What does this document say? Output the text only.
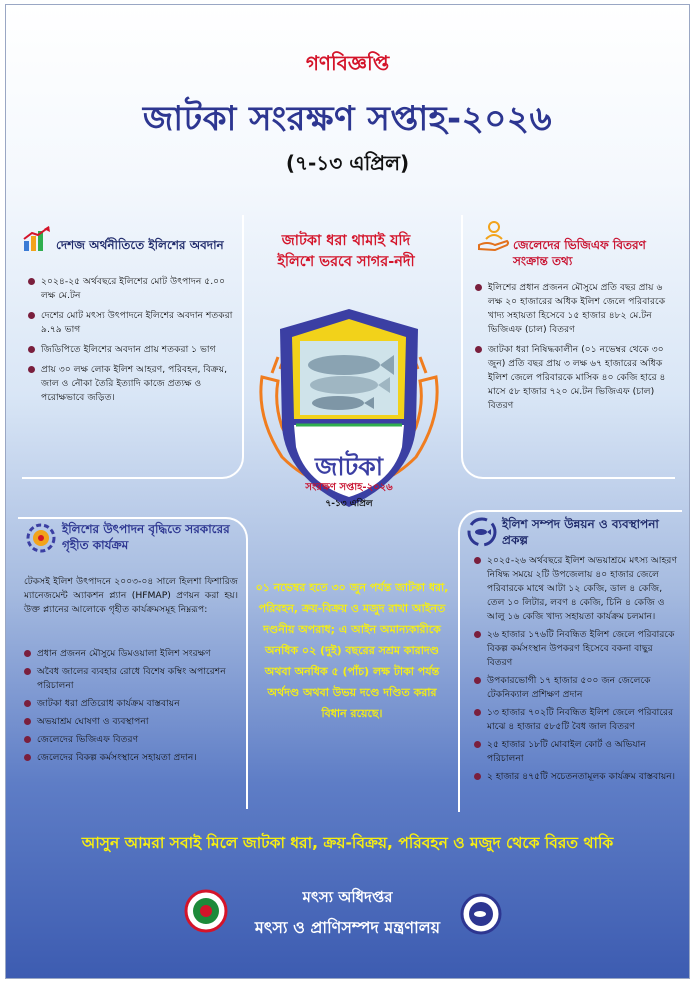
গণবিজ্ঞপ্তি
জাটকা সংরক্ষণ সপ্তাহ-২০২৬
(৭-১৩ এপ্রিল)
জাটকা ধরা থামাই যদি
ইলিশে ভরবে সাগর-নদী
দেশজ অর্থনীতিতে ইলিশের অবদান
২০২৪-২৫ অর্থবছরে ইলিশের মোট উৎপাদন ৫.০০ লক্ষ মে.টন
দেশের মোট মৎস্য উৎপাদনে ইলিশের অবদান শতকরা ৯.৭৯ ভাগ
জিডিপিতে ইলিশের অবদান প্রায় শতকরা ১ ভাগ
প্রায় ৩০ লক্ষ লোক ইলিশ আহরণ, পরিবহন, বিক্রয়, জাল ও নৌকা তৈরি ইত্যাদি কাজে প্রত্যক্ষ ও পরোক্ষভাবে জড়িত।
জেলেদের ভিজিএফ বিতরণ সংক্রান্ত তথ্য
ইলিশের প্রধান প্রজনন মৌসুমে প্রতি বছর প্রায় ৬ লক্ষ ২০ হাজারের অধিক ইলিশ জেলে পরিবারকে খাদ্য সহায়তা হিসেবে ১৫ হাজার ৪৮২ মে.টন ভিজিএফ (চাল) বিতরণ
জাটকা ধরা নিষিদ্ধকালীন (০১ নভেম্বর থেকে ৩০ জুন) প্রতি বছর প্রায় ৩ লক্ষ ৬৭ হাজারের অধিক ইলিশ জেলে পরিবারকে মাসিক ৪০ কেজি হারে ৪ মাসে ৫৮ হাজার ৭২০ মে.টন ভিজিএফ (চাল) বিতরণ
জাটকা
সংরক্ষণ সপ্তাহ-২০২৬
৭-১৩ এপ্রিল
ইলিশের উৎপাদন বৃদ্ধিতে সরকারের গৃহীত কার্যক্রম
টেকসই ইলিশ উৎপাদনে ২০০৩-০৪ সালে হিলশা ফিশারিজ ম্যানেজমেন্ট অ্যাকশন প্ল্যান (HFMAP) প্রণয়ন করা হয়। উক্ত প্ল্যানের আলোকে গৃহীত কার্যক্রমসমূহ নিম্নরূপ:
প্রধান প্রজনন মৌসুমে ডিমওয়ালা ইলিশ সংরক্ষণ
অবৈধ জালের ব্যবহার রোধে বিশেষ কম্বিং অপারেশন পরিচালনা
জাটকা ধরা প্রতিরোধ কার্যক্রম বাস্তবায়ন
অভয়াশ্রম ঘোষণা ও ব্যবস্থাপনা
জেলেদের ভিজিএফ বিতরণ
জেলেদের বিকল্প কর্মসংস্থানে সহায়তা প্রদান।
০১ নভেম্বর হতে ৩০ জুন পর্যন্ত জাটকা ধরা, পরিবহন, ক্রয়-বিক্রয় ও মজুদ রাখা আইনত দণ্ডনীয় অপরাধ; এ আইন অমান্যকারীকে অনধিক ০২ (দুই) বছরের সশ্রম কারাদণ্ড অথবা অনধিক ৫ (পাঁচ) লক্ষ টাকা পর্যন্ত অর্থদণ্ড অথবা উভয় দণ্ডে দণ্ডিত করার বিধান রয়েছে।
ইলিশ সম্পদ উন্নয়ন ও ব্যবস্থাপনা প্রকল্প
২০২৫-২৬ অর্থবছরে ইলিশ অভয়াশ্রমে মৎস্য আহরণ নিষিদ্ধ সময়ে ২টি উপজেলায় ৪০ হাজার জেলে পরিবারকে মাথে আটা ১২ কেজি, ডাল ৪ কেজি, তেল ১০ লিটার, লবণ ৪ কেজি, চিনি ৪ কেজি ও আলু ১৬ কেজি খাদ্য সহায়তা কার্যক্রম চলমান।
২৬ হাজার ১৭৬টি নিবন্ধিত ইলিশ জেলে পরিবারকে বিকল্প কর্মসংস্থান উপকরণ হিসেবে বকনা বাছুর বিতরণ
উপকারভোগী ১৭ হাজার ৫০০ জন জেলেকে টেকনিক্যাল প্রশিক্ষণ প্রদান
১৩ হাজার ৭০২টি নিবন্ধিত ইলিশ জেলে পরিবারের মাঝে ৪ হাজার ৫৮৫টি বৈধ জাল বিতরণ
২৫ হাজার ১৮টি মোবাইল কোর্ট ও অভিযান পরিচালনা
২ হাজার ৪৭৫টি সচেতনতামূলক কার্যক্রম বাস্তবায়ন।
আসুন আমরা সবাই মিলে জাটকা ধরা, ক্রয়-বিক্রয়, পরিবহন ও মজুদ থেকে বিরত থাকি
মৎস্য অধিদপ্তর
মৎস্য ও প্রাণিসম্পদ মন্ত্রণালয়
